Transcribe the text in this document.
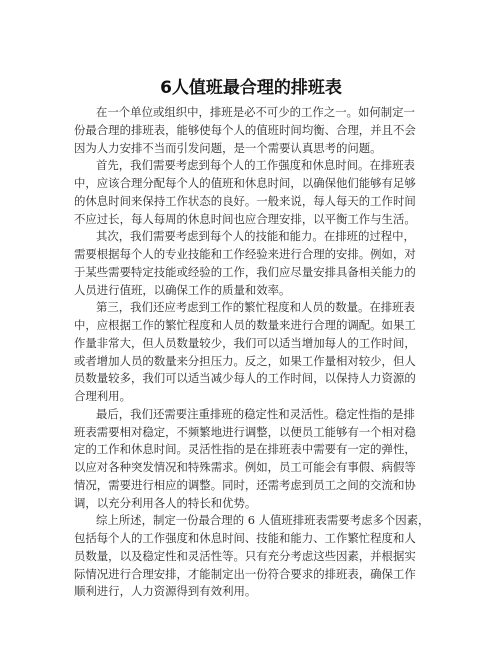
6人值班最合理的排班表
在一个单位或组织中，排班是必不可少的工作之一。如何制定一
份最合理的排班表，能够使每个人的值班时间均衡、合理，并且不会
因为人力安排不当而引发问题，是一个需要认真思考的问题。
首先，我们需要考虑到每个人的工作强度和休息时间。在排班表
中，应该合理分配每个人的值班和休息时间，以确保他们能够有足够
的休息时间来保持工作状态的良好。一般来说，每人每天的工作时间
不应过长，每人每周的休息时间也应合理安排，以平衡工作与生活。
其次，我们需要考虑到每个人的技能和能力。在排班的过程中，
需要根据每个人的专业技能和工作经验来进行合理的安排。例如，对
于某些需要特定技能或经验的工作，我们应尽量安排具备相关能力的
人员进行值班，以确保工作的质量和效率。
第三，我们还应考虑到工作的繁忙程度和人员的数量。在排班表
中，应根据工作的繁忙程度和人员的数量来进行合理的调配。如果工
作量非常大，但人员数量较少，我们可以适当增加每人的工作时间，
或者增加人员的数量来分担压力。反之，如果工作量相对较少，但人
员数量较多，我们可以适当减少每人的工作时间，以保持人力资源的
合理利用。
最后，我们还需要注重排班的稳定性和灵活性。稳定性指的是排
班表需要相对稳定，不频繁地进行调整，以便员工能够有一个相对稳
定的工作和休息时间。灵活性指的是在排班表中需要有一定的弹性，
以应对各种突发情况和特殊需求。例如，员工可能会有事假、病假等
情况，需要进行相应的调整。同时，还需考虑到员工之间的交流和协
调，以充分利用各人的特长和优势。
综上所述，制定一份最合理的 6 人值班排班表需要考虑多个因素，
包括每个人的工作强度和休息时间、技能和能力、工作繁忙程度和人
员数量，以及稳定性和灵活性等。只有充分考虑这些因素，并根据实
际情况进行合理安排，才能制定出一份符合要求的排班表，确保工作
顺利进行，人力资源得到有效利用。
